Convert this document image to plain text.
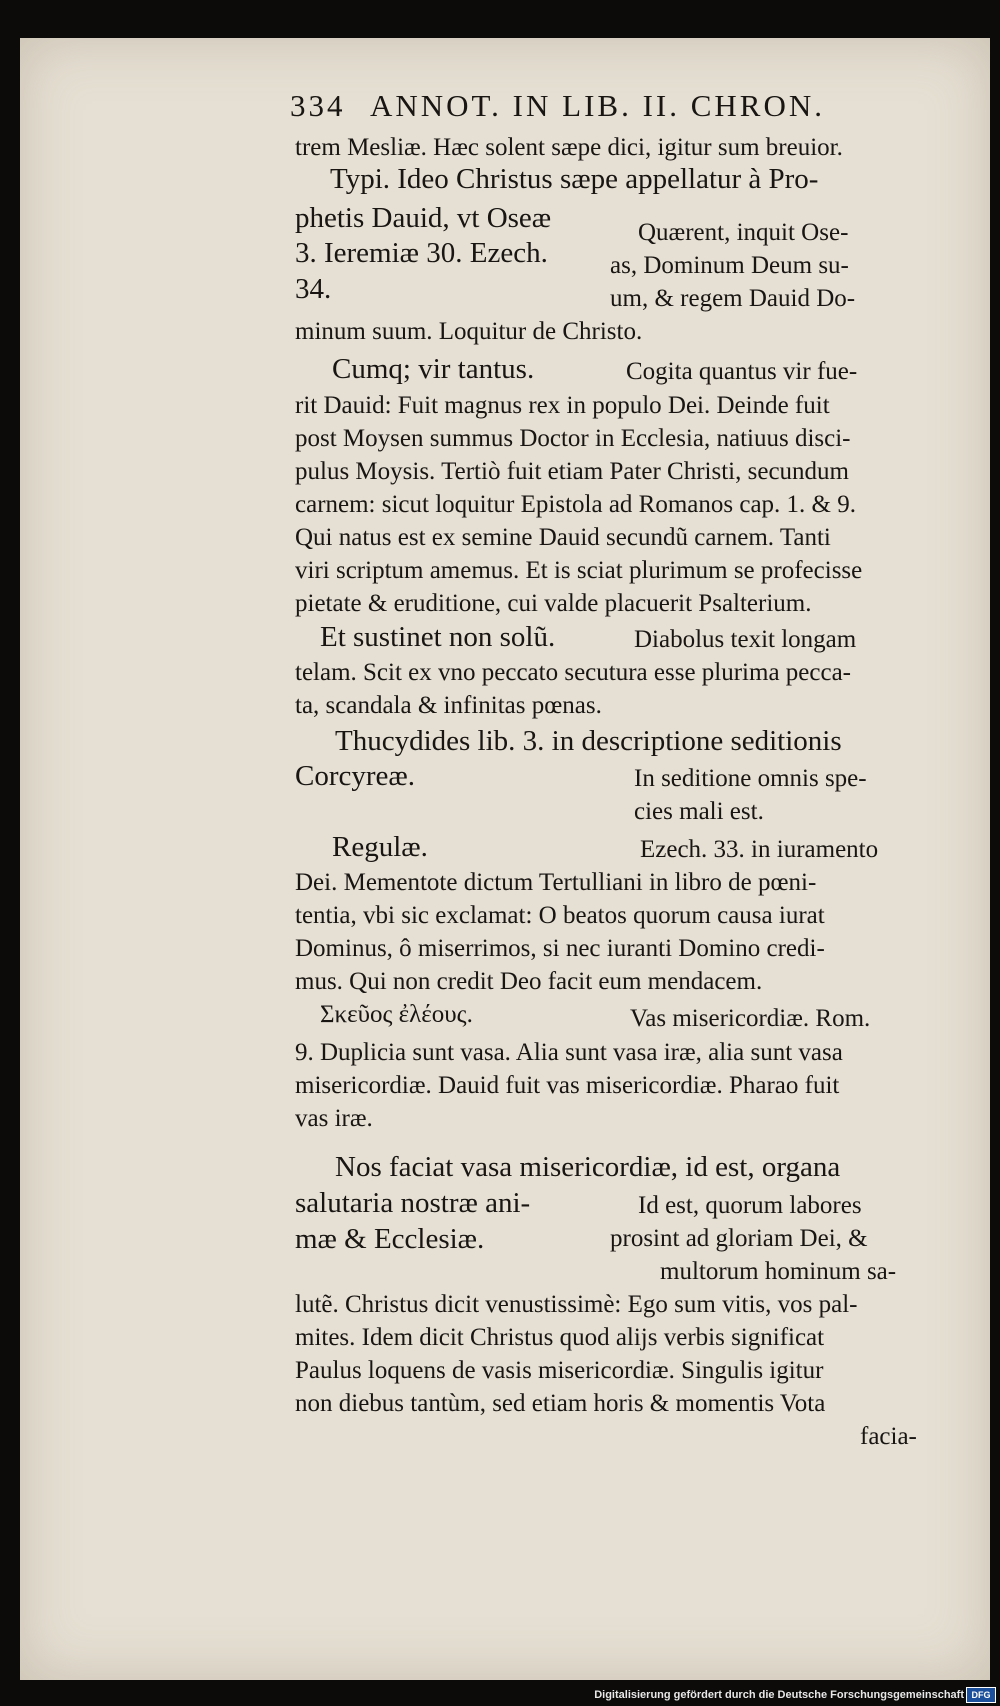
334 ANNOT. IN LIB. II. CHRON.
trem Mesliæ. Hæc solent sæpe dici, igitur sum breuior.
Typi. Ideo Christus sæpe appellatur à Pro-
phetis Dauid, vt Oseæ
3. Ieremiæ 30. Ezech.
34.
Quærent, inquit Ose-
as, Dominum Deum su-
um, & regem Dauid Do-
minum suum. Loquitur de Christo.
Cumq; vir tantus.	Cogita quantus vir fue-
rit Dauid: Fuit magnus rex in populo Dei. Deinde fuit
post Moysen summus Doctor in Ecclesia, natiuus disci-
pulus Moysis. Tertiò fuit etiam Pater Christi, secundum
carnem: sicut loquitur Epistola ad Romanos cap. 1. & 9.
Qui natus est ex semine Dauid secundũ carnem. Tanti
viri scriptum amemus. Et is sciat plurimum se profecisse
pietate & eruditione, cui valde placuerit Psalterium.
Et sustinet non solũ.	Diabolus texit longam
telam. Scit ex vno peccato secutura esse plurima pecca-
ta, scandala & infinitas pœnas.
Thucydides lib. 3. in descriptione seditionis
Corcyreæ.	In seditione omnis spe-
cies mali est.
Regulæ.	Ezech. 33. in iuramento
Dei. Mementote dictum Tertulliani in libro de pœni-
tentia, vbi sic exclamat: O beatos quorum causa iurat
Dominus, ô miserrimos, si nec iuranti Domino credi-
mus. Qui non credit Deo facit eum mendacem.
Σκεῦος ἐλέους.	Vas misericordiæ. Rom.
9. Duplicia sunt vasa. Alia sunt vasa iræ, alia sunt vasa
misericordiæ. Dauid fuit vas misericordiæ. Pharao fuit
vas iræ.
Nos faciat vasa misericordiæ, id est, organa
salutaria nostræ ani-
mæ & Ecclesiæ.
Id est, quorum labores
prosint ad gloriam Dei, &
multorum hominum sa-
lutẽ. Christus dicit venustissimè: Ego sum vitis, vos pal-
mites. Idem dicit Christus quod alijs verbis significat
Paulus loquens de vasis misericordiæ. Singulis igitur
non diebus tantùm, sed etiam horis & momentis Vota
facia-
Digitalisierung gefördert durch die Deutsche Forschungsgemeinschaft DFG
